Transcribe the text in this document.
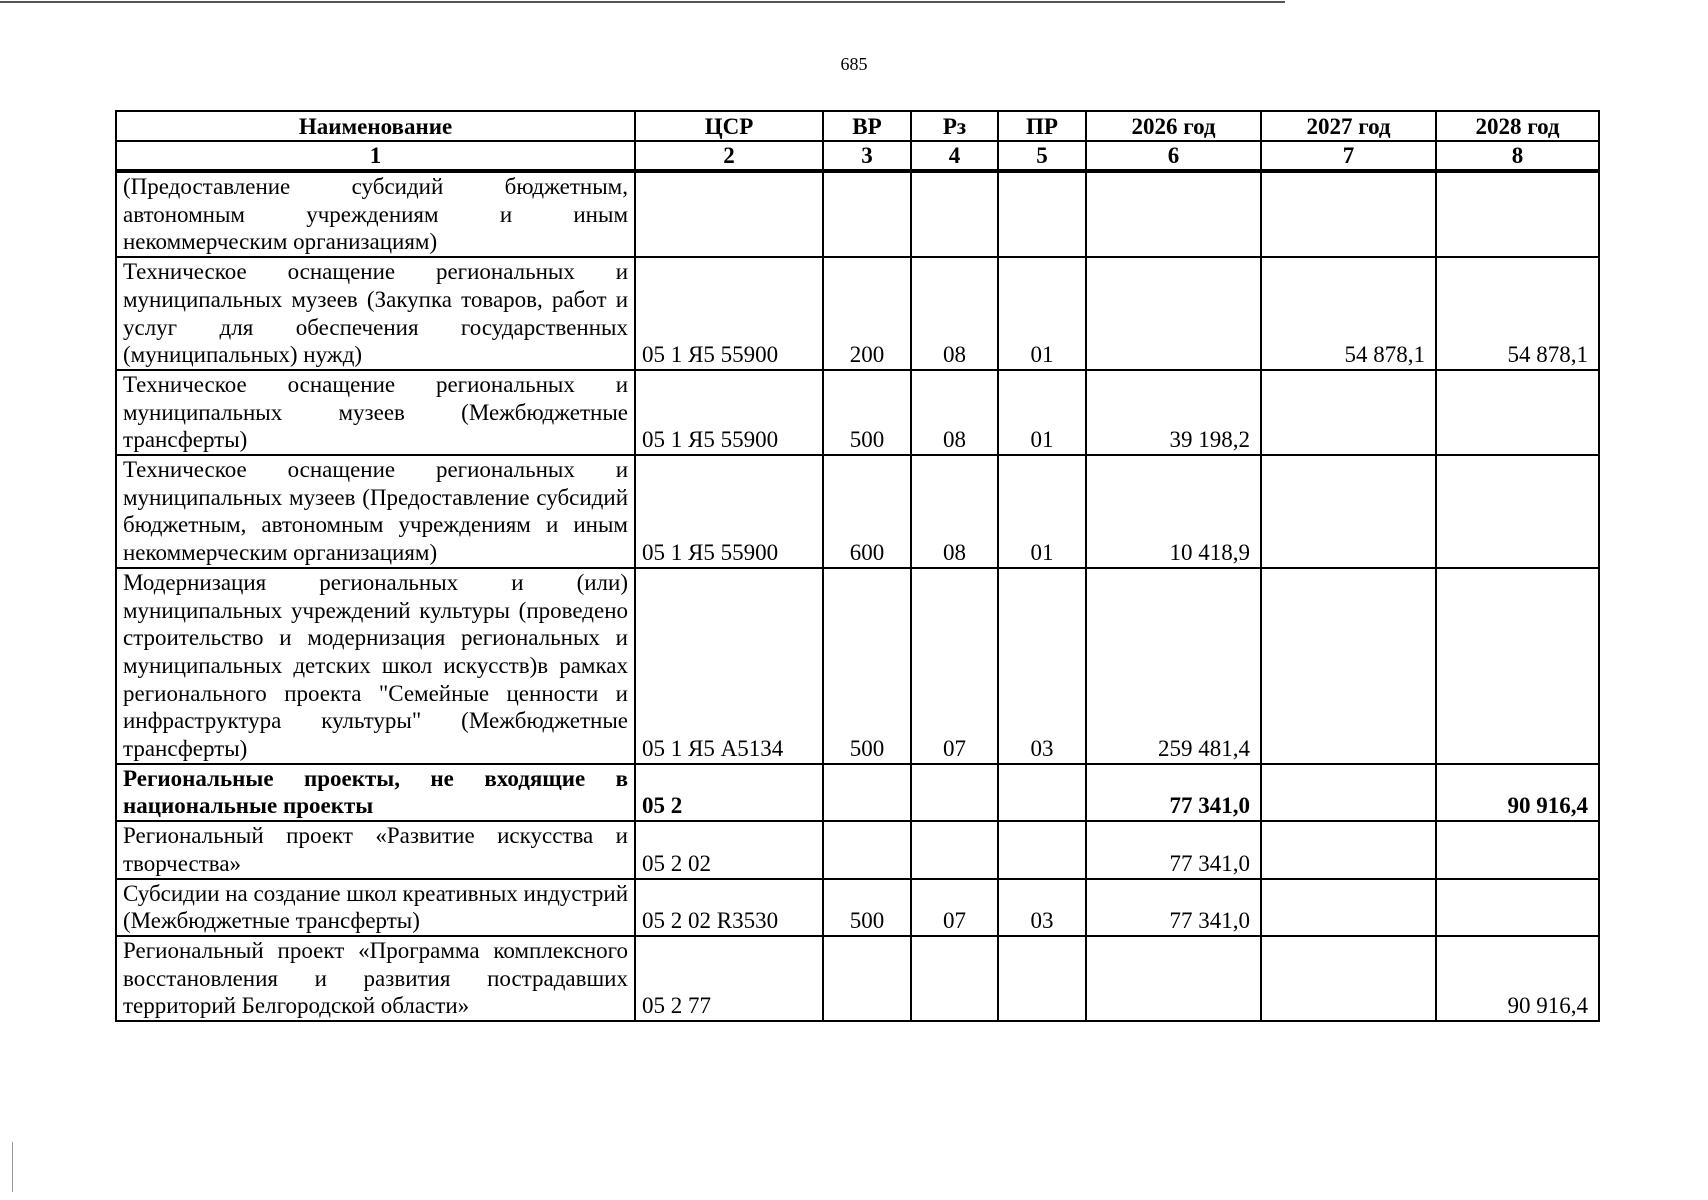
685
Наименование	ЦСР	ВР	Рз	ПР	2026 год	2027 год	2028 год
1	2	3	4	5	6	7	8
(Предоставление субсидий бюджетным, автономным учреждениям и иным некоммерческим организациям)							
Техническое оснащение региональных и муниципальных музеев (Закупка товаров, работ и услуг для обеспечения государственных (муниципальных) нужд)	05 1 Я5 55900	200	08	01		54 878,1	54 878,1
Техническое оснащение региональных и муниципальных музеев (Межбюджетные трансферты)	05 1 Я5 55900	500	08	01	39 198,2		
Техническое оснащение региональных и муниципальных музеев (Предоставление субсидий бюджетным, автономным учреждениям и иным некоммерческим организациям)	05 1 Я5 55900	600	08	01	10 418,9		
Модернизация региональных и (или) муниципальных учреждений культуры (проведено строительство и модернизация региональных и муниципальных детских школ искусств)в рамках регионального проекта "Семейные ценности и инфраструктура культуры" (Межбюджетные трансферты)	05 1 Я5 А5134	500	07	03	259 481,4		
Региональные проекты, не входящие в национальные проекты	05 2				77 341,0		90 916,4
Региональный проект «Развитие искусства и творчества»	05 2 02				77 341,0		
Субсидии на создание школ креативных индустрий (Межбюджетные трансферты)	05 2 02 R3530	500	07	03	77 341,0		
Региональный проект «Программа комплексного восстановления и развития пострадавших территорий Белгородской области»	05 2 77						90 916,4
